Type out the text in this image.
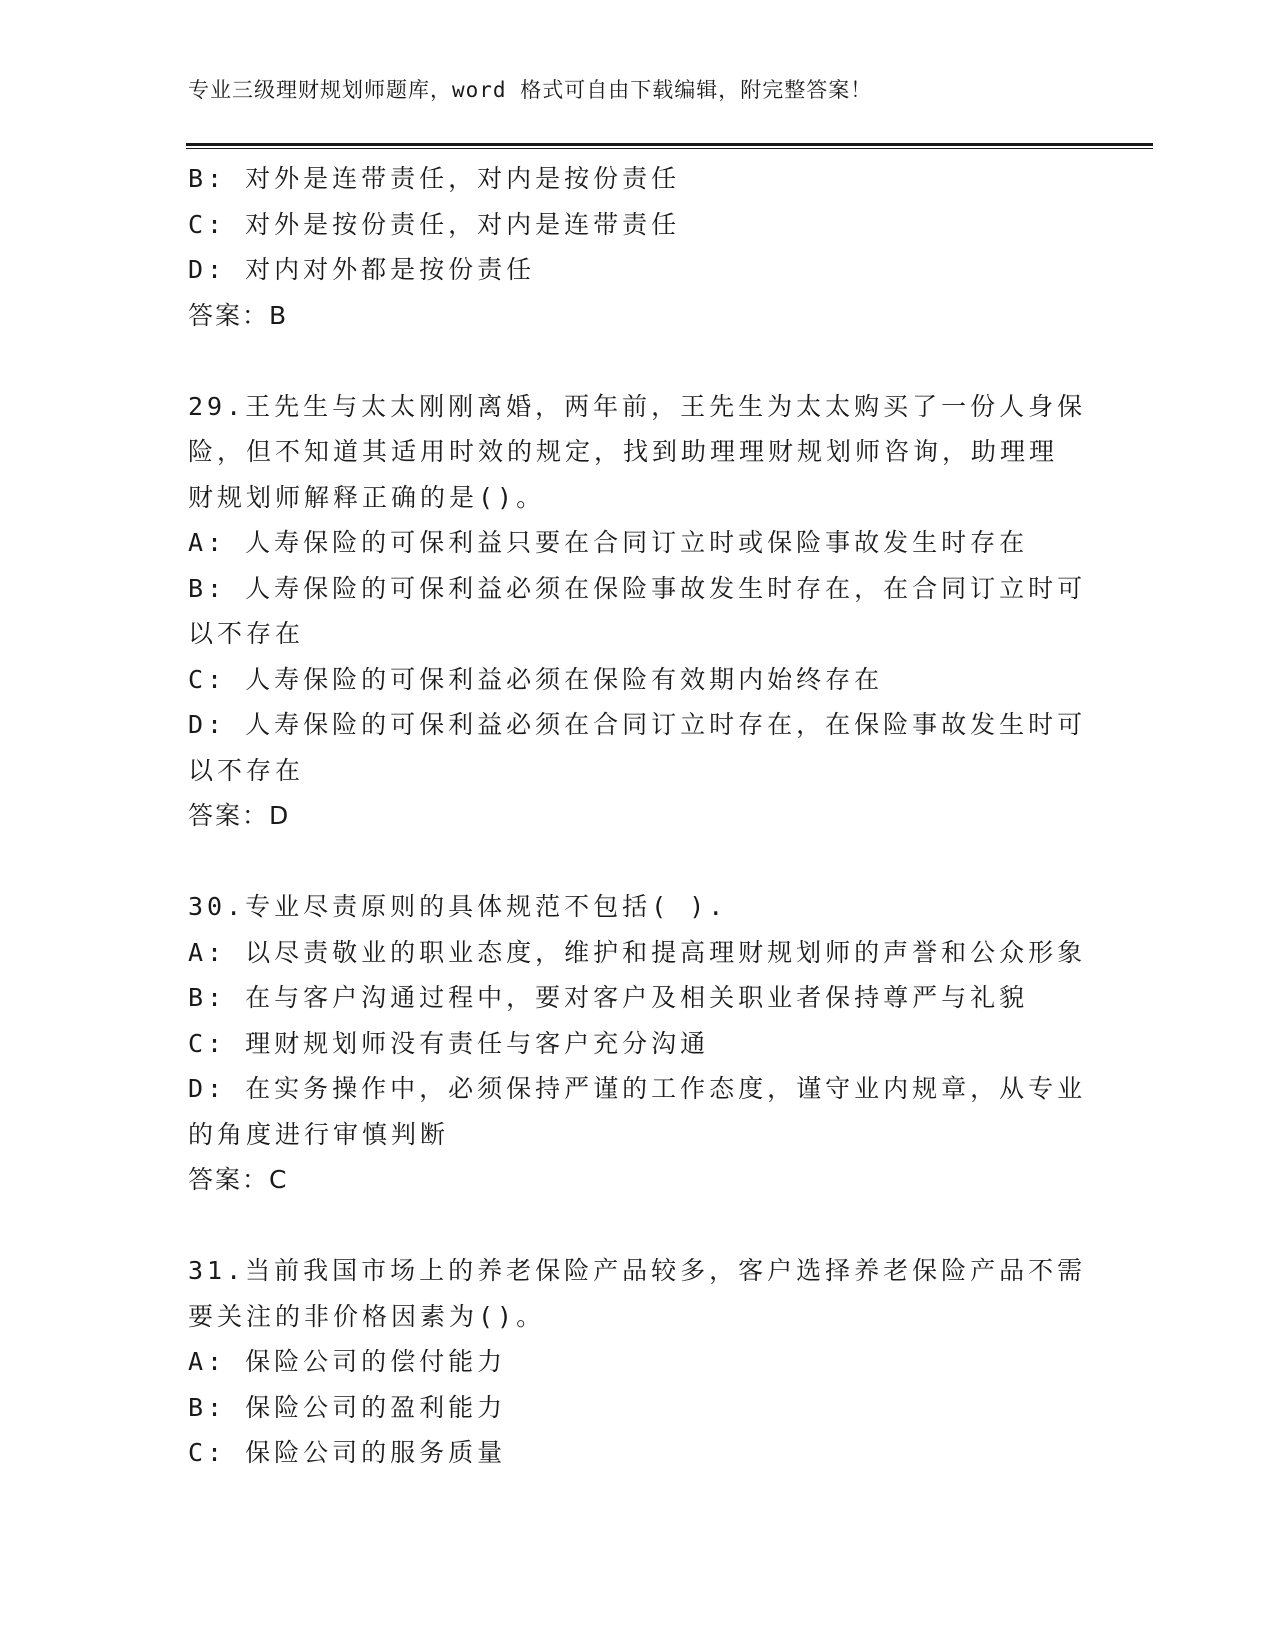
专业三级理财规划师题库，word 格式可自由下载编辑，附完整答案！
B: 对外是连带责任，对内是按份责任
C: 对外是按份责任，对内是连带责任
D: 对内对外都是按份责任
答案：B
29.王先生与太太刚刚离婚，两年前，王先生为太太购买了一份人身保
险，但不知道其适用时效的规定，找到助理理财规划师咨询，助理理
财规划师解释正确的是()。
A: 人寿保险的可保利益只要在合同订立时或保险事故发生时存在
B: 人寿保险的可保利益必须在保险事故发生时存在，在合同订立时可
以不存在
C: 人寿保险的可保利益必须在保险有效期内始终存在
D: 人寿保险的可保利益必须在合同订立时存在，在保险事故发生时可
以不存在
答案：D
30.专业尽责原则的具体规范不包括( ).
A: 以尽责敬业的职业态度，维护和提高理财规划师的声誉和公众形象
B: 在与客户沟通过程中，要对客户及相关职业者保持尊严与礼貌
C: 理财规划师没有责任与客户充分沟通
D: 在实务操作中，必须保持严谨的工作态度，谨守业内规章，从专业
的角度进行审慎判断
答案：C
31.当前我国市场上的养老保险产品较多，客户选择养老保险产品不需
要关注的非价格因素为()。
A: 保险公司的偿付能力
B: 保险公司的盈利能力
C: 保险公司的服务质量
